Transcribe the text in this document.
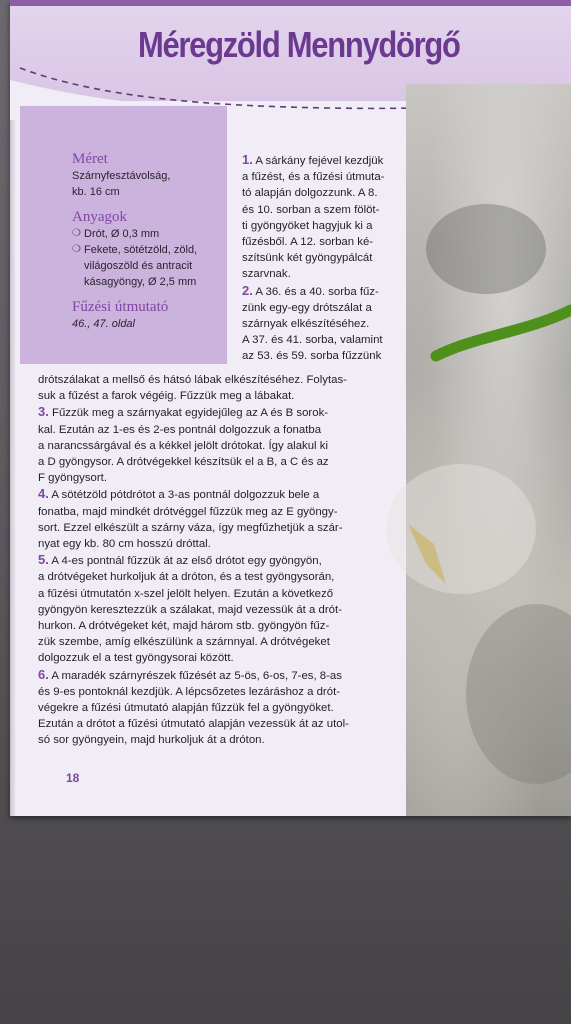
Méregzöld Mennydörgő

Méret

Szárnyfesztávolság,

kb. 16 cm

Anyagok

❍ Drót, Ø 0,3 mm

❍ Fekete, sötétzöld, zöld,

világoszöld és antracit

kásagyöngy, Ø 2,5 mm

Fűzési útmutató

46., 47. oldal

1. A sárkány fejével kezdjük

a fűzést, és a fűzési útmuta-

tó alapján dolgozzunk. A 8.

és 10. sorban a szem fölöt-

ti gyöngyöket hagyjuk ki a

fűzésből. A 12. sorban ké-

szítsünk két gyöngypálcát

szarvnak.

2. A 36. és a 40. sorba fűz-

zünk egy-egy drótszálat a

szárnyak elkészítéséhez.

A 37. és 41. sorba, valamint

az 53. és 59. sorba fűzzünk

drótszálakat a mellső és hátsó lábak elkészítéséhez. Folytas-

suk a fűzést a farok végéig. Fűzzük meg a lábakat.

3. Fűzzük meg a szárnyakat egyidejűleg az A és B sorok-

kal. Ezután az 1-es és 2-es pontnál dolgozzuk a fonatba

a narancssárgával és a kékkel jelölt drótokat. Így alakul ki

a D gyöngysor. A drótvégekkel készítsük el a B, a C és az

F gyöngysort.

4. A sötétzöld pótdrótot a 3-as pontnál dolgozzuk bele a

fonatba, majd mindkét drótvéggel fűzzük meg az E gyöngy-

sort. Ezzel elkészült a szárny váza, így megfűzhetjük a szár-

nyat egy kb. 80 cm hosszú dróttal.

5. A 4-es pontnál fűzzük át az első drótot egy gyöngyön,

a drótvégeket hurkoljuk át a dróton, és a test gyöngysorán,

a fűzési útmutatón x-szel jelölt helyen. Ezután a következő

gyöngyön keresztezzük a szálakat, majd vezessük át a drót-

hurkon. A drótvégeket két, majd három stb. gyöngyön fűz-

zük szembe, amíg elkészülünk a szárnnyal. A drótvégeket

dolgozzuk el a test gyöngysorai között.

6. A maradék szárnyrészek fűzését az 5-ös, 6-os, 7-es, 8-as

és 9-es pontoknál kezdjük. A lépcsőzetes lezáráshoz a drót-

végekre a fűzési útmutató alapján fűzzük fel a gyöngyöket.

Ezután a drótot a fűzési útmutató alapján vezessük át az utol-

só sor gyöngyein, majd hurkoljuk át a dróton.

18
